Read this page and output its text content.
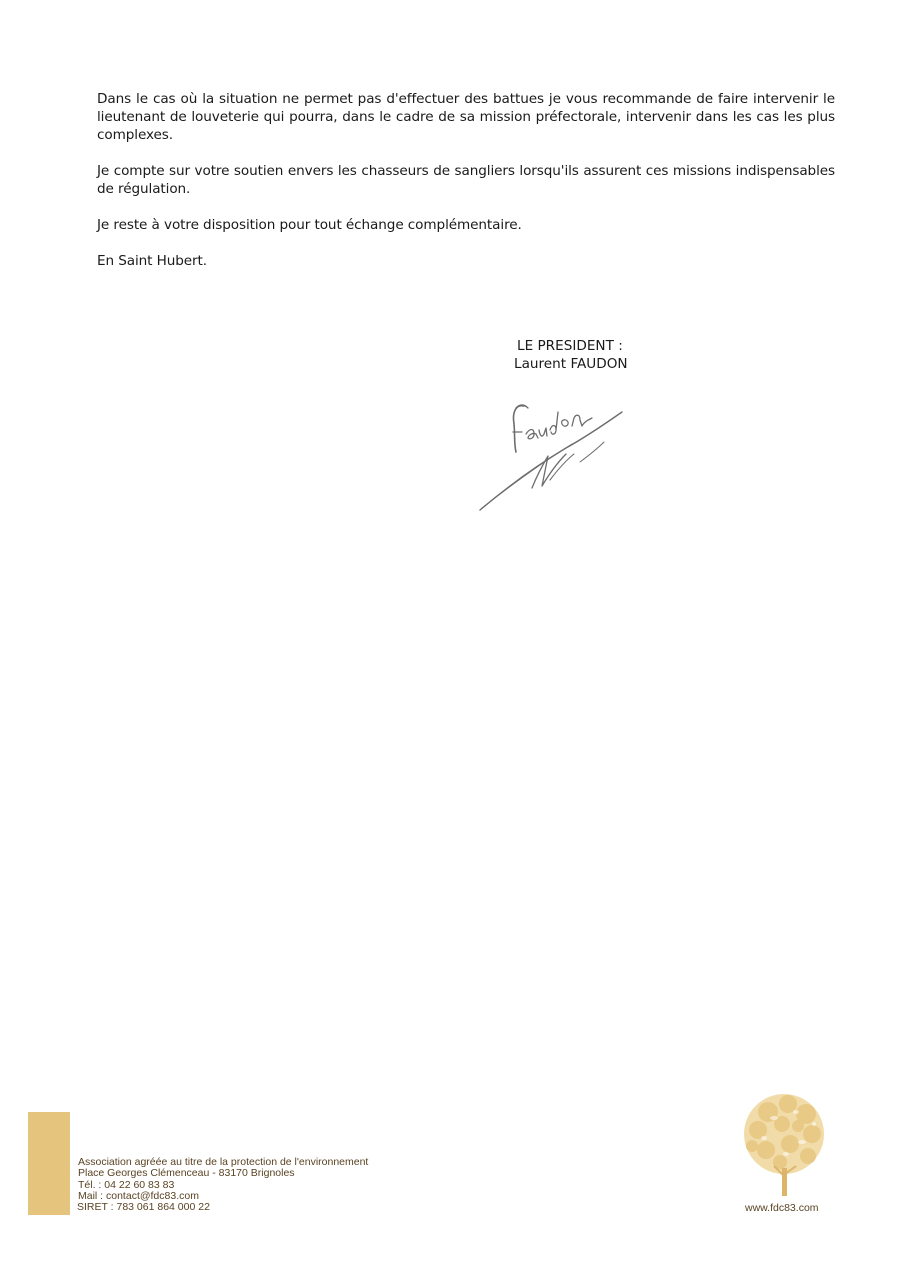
Dans le cas où la situation ne permet pas d'effectuer des battues je vous recommande de faire intervenir le lieutenant de louveterie qui pourra, dans le cadre de sa mission préfectorale, intervenir dans les cas les plus complexes.

Je compte sur votre soutien envers les chasseurs de sangliers lorsqu'ils assurent ces missions indispensables de régulation.

Je reste à votre disposition pour tout échange complémentaire.

En Saint Hubert.

LE PRESIDENT :
Laurent FAUDON
Association agréée au titre de la protection de l'environnement
Place Georges Clémenceau - 83170 Brignoles
Tél. : 04 22 60 83 83
Mail : contact@fdc83.com
SIRET : 783 061 864 000 22	www.fdc83.com
